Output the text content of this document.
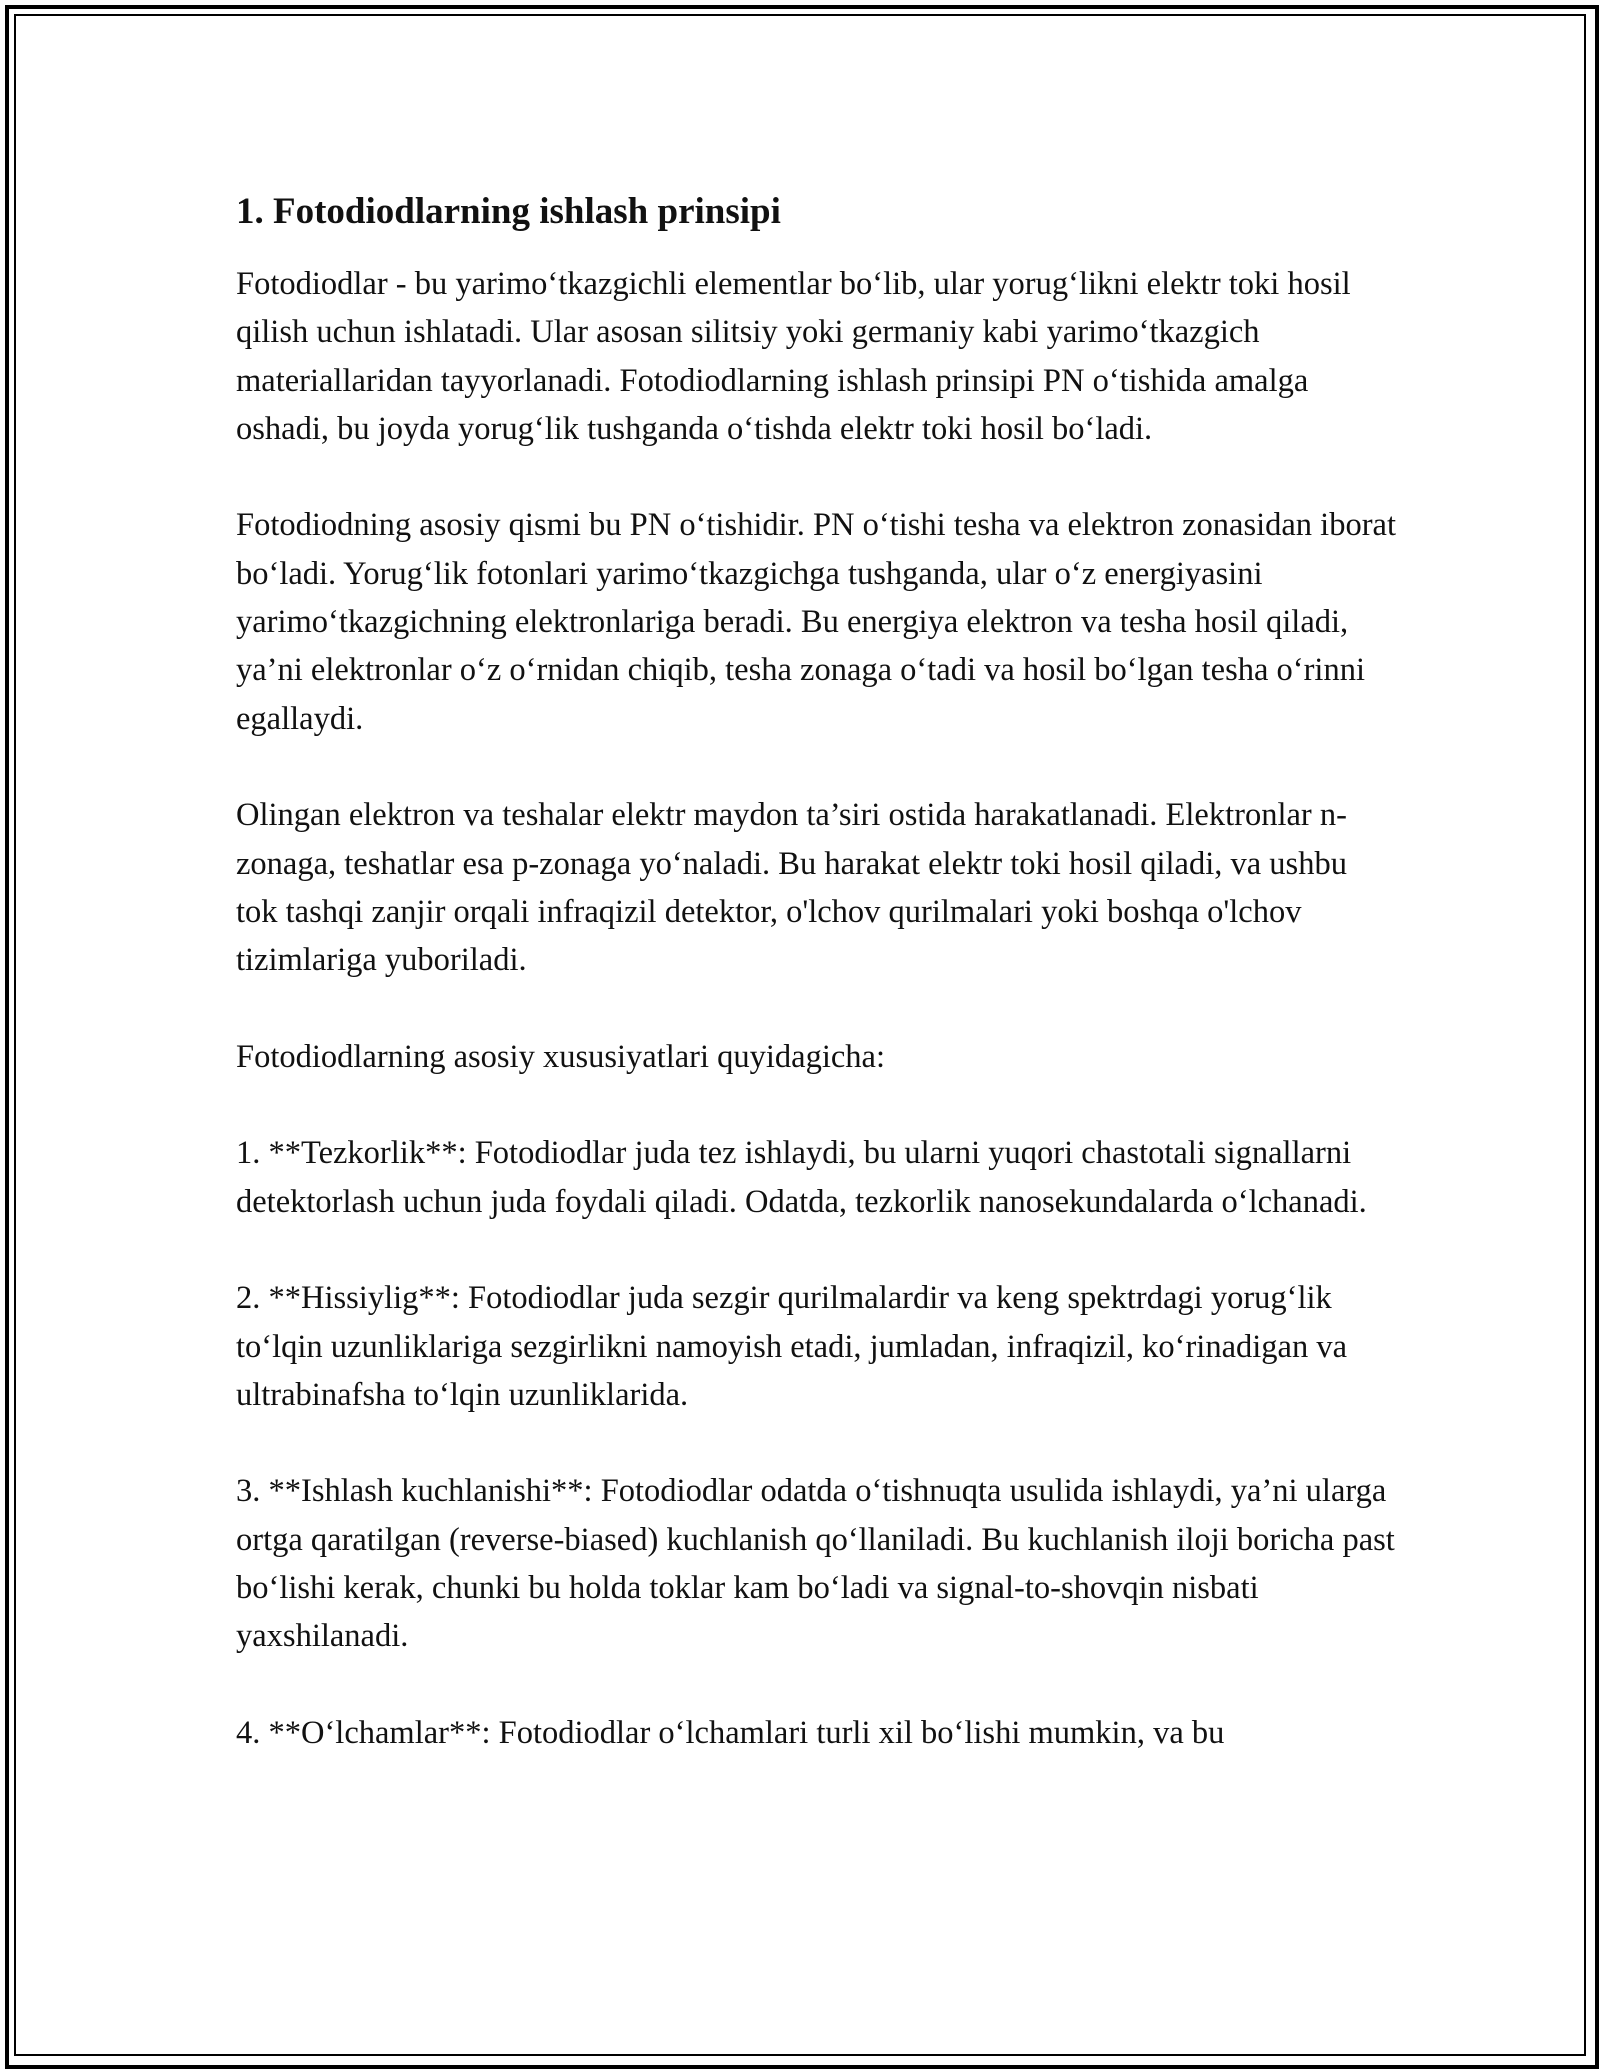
1. Fotodiodlarning ishlash prinsipi

Fotodiodlar - bu yarimo‘tkazgichli elementlar bo‘lib, ular yorug‘likni elektr toki hosil qilish uchun ishlatadi. Ular asosan silitsiy yoki germaniy kabi yarimo‘tkazgich materiallaridan tayyorlanadi. Fotodiodlarning ishlash prinsipi PN o‘tishida amalga oshadi, bu joyda yorug‘lik tushganda o‘tishda elektr toki hosil bo‘ladi.

Fotodiodning asosiy qismi bu PN o‘tishidir. PN o‘tishi tesha va elektron zonasidan iborat bo‘ladi. Yorug‘lik fotonlari yarimo‘tkazgichga tushganda, ular o‘z energiyasini yarimo‘tkazgichning elektronlariga beradi. Bu energiya elektron va tesha hosil qiladi, ya’ni elektronlar o‘z o‘rnidan chiqib, tesha zonaga o‘tadi va hosil bo‘lgan tesha o‘rinni egallaydi.

Olingan elektron va teshalar elektr maydon ta’siri ostida harakatlanadi. Elektronlar n-zonaga, teshatlar esa p-zonaga yo‘naladi. Bu harakat elektr toki hosil qiladi, va ushbu tok tashqi zanjir orqali infraqizil detektor, o'lchov qurilmalari yoki boshqa o'lchov tizimlariga yuboriladi.

Fotodiodlarning asosiy xususiyatlari quyidagicha:

1. **Tezkorlik**: Fotodiodlar juda tez ishlaydi, bu ularni yuqori chastotali signallarni detektorlash uchun juda foydali qiladi. Odatda, tezkorlik nanosekundalarda o‘lchanadi.

2. **Hissiylig**: Fotodiodlar juda sezgir qurilmalardir va keng spektrdagi yorug‘lik to‘lqin uzunliklariga sezgirlikni namoyish etadi, jumladan, infraqizil, ko‘rinadigan va ultrabinafsha to‘lqin uzunliklarida.

3. **Ishlash kuchlanishi**: Fotodiodlar odatda o‘tishnuqta usulida ishlaydi, ya’ni ularga ortga qaratilgan (reverse-biased) kuchlanish qo‘llaniladi. Bu kuchlanish iloji boricha past bo‘lishi kerak, chunki bu holda toklar kam bo‘ladi va signal-to-shovqin nisbati yaxshilanadi.

4. **O‘lchamlar**: Fotodiodlar o‘lchamlari turli xil bo‘lishi mumkin, va bu
